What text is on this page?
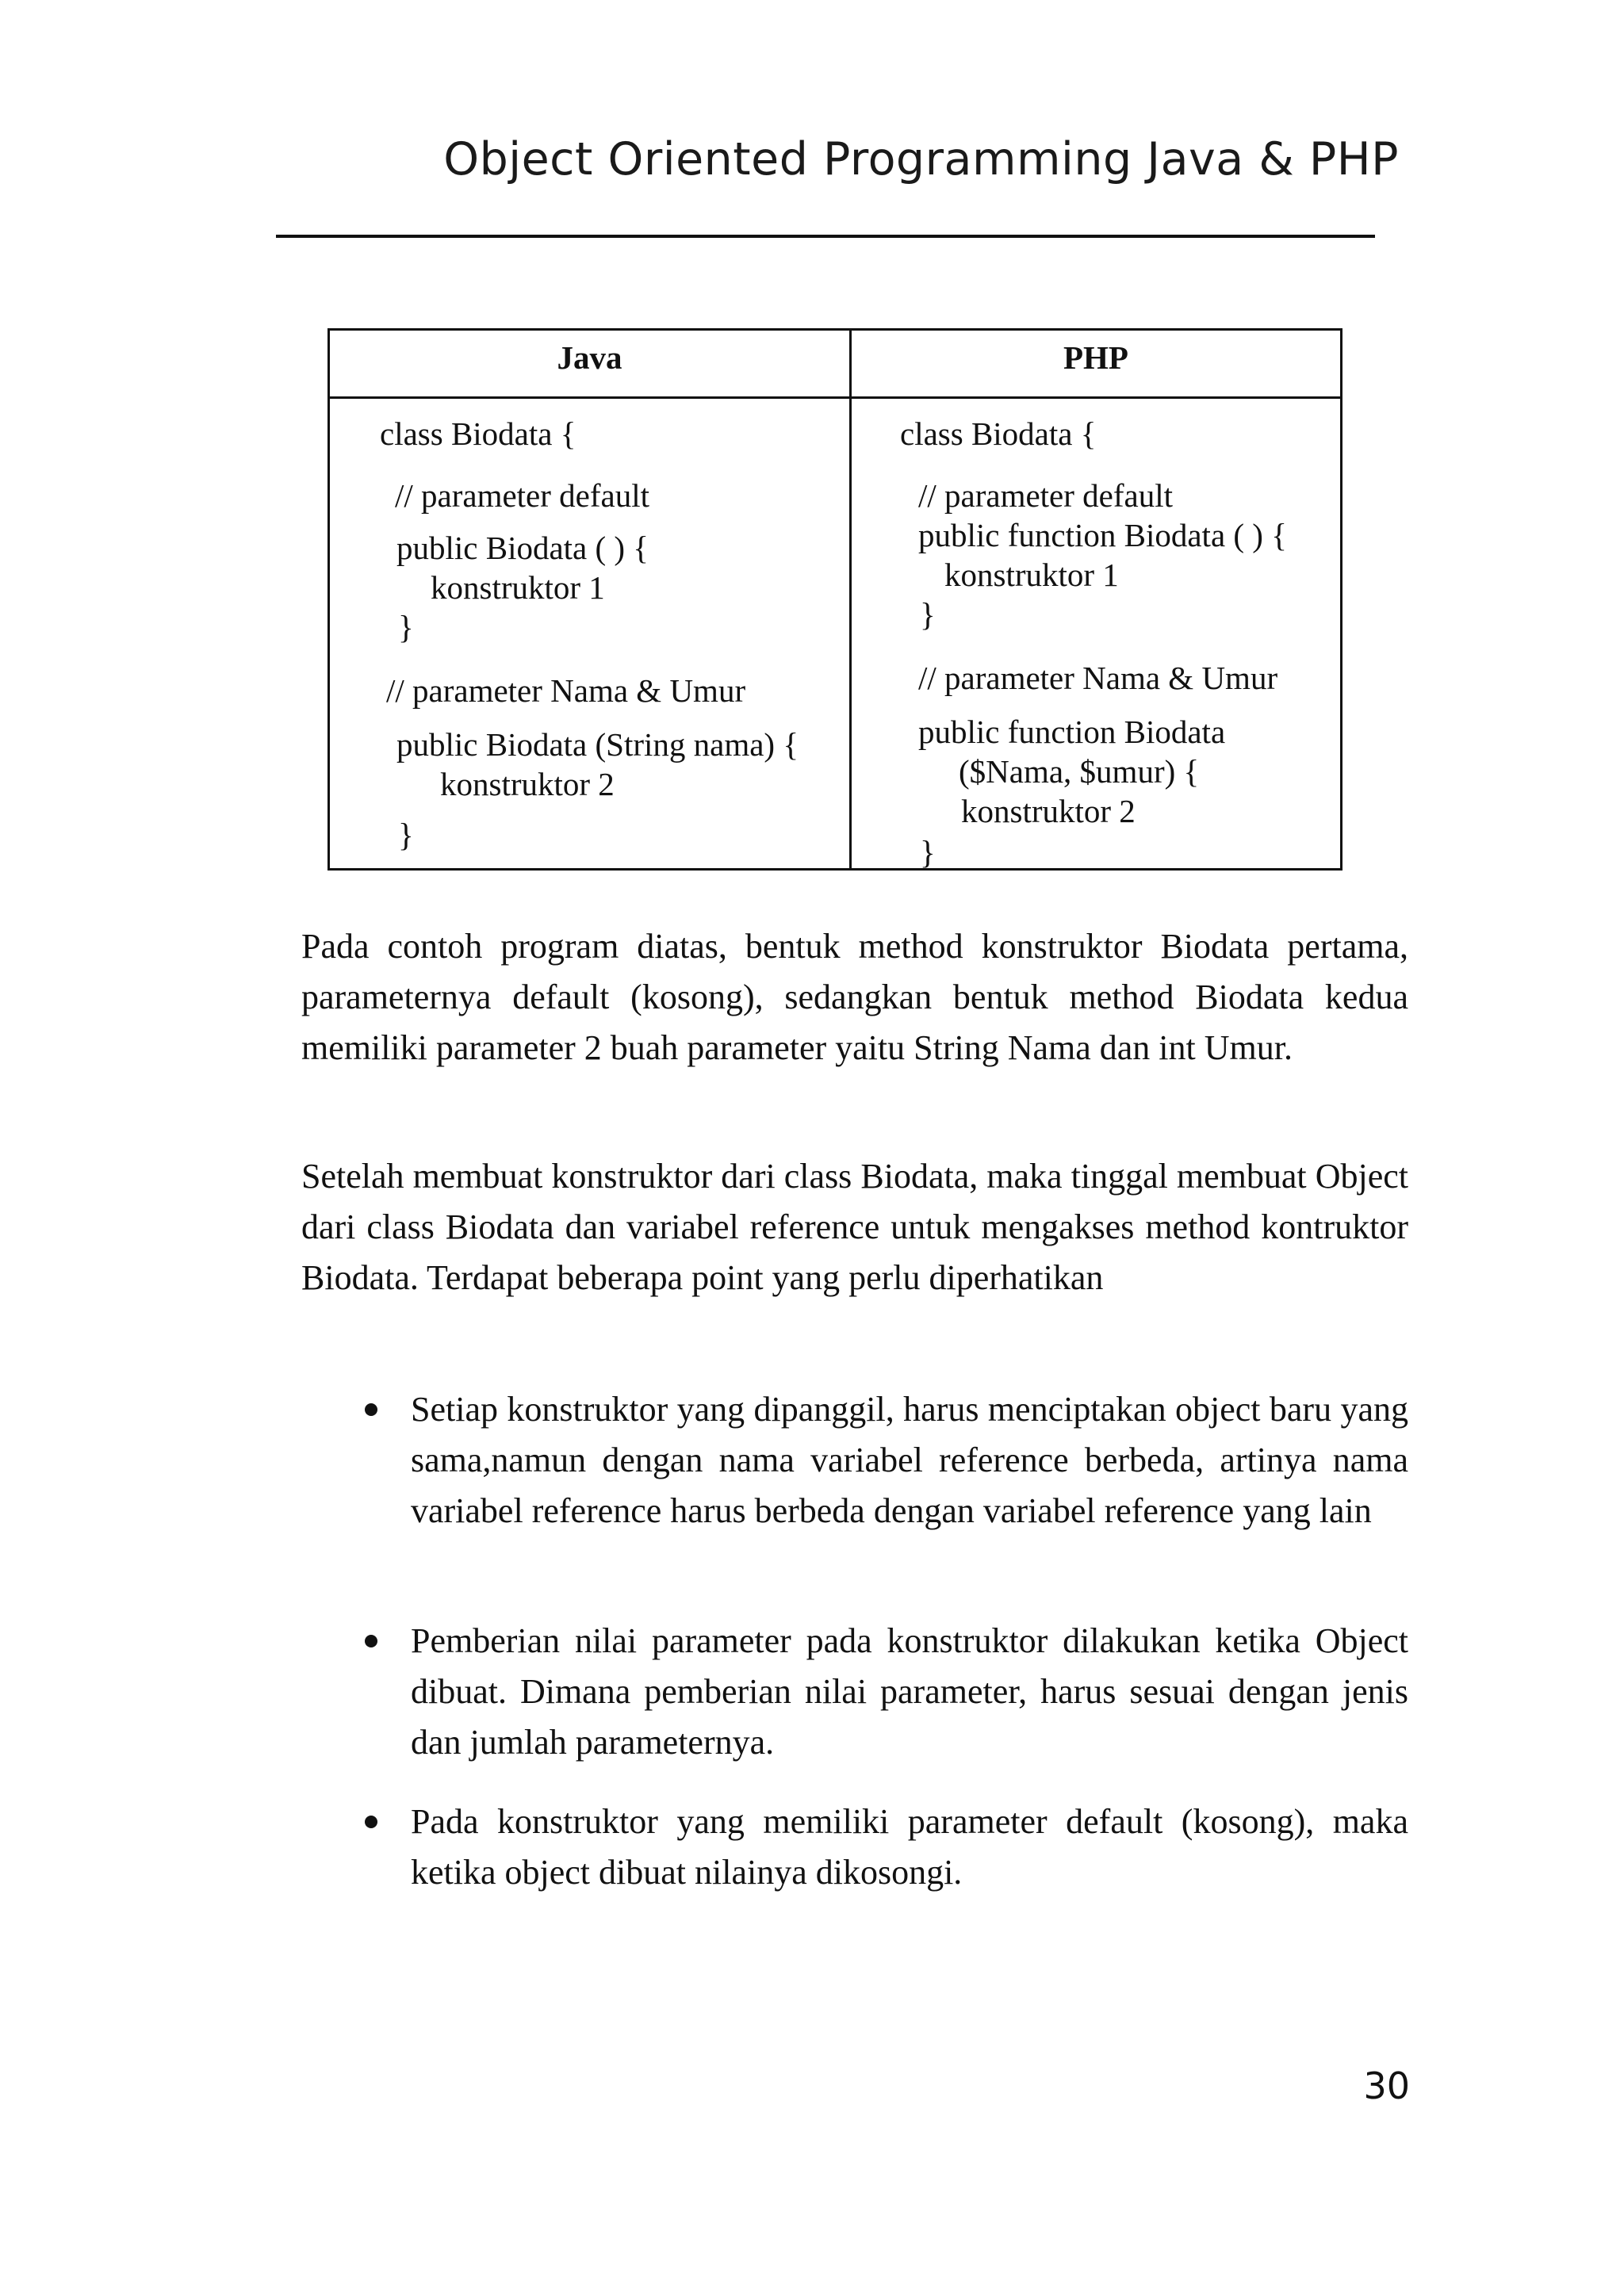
Object Oriented Programming Java & PHP
Java	PHP
class Biodata {
// parameter default
public Biodata ( ) {
konstruktor 1
}
// parameter Nama & Umur
public Biodata (String nama) {
konstruktor 2
}
class Biodata {
// parameter default
public function Biodata ( ) {
konstruktor 1
}
// parameter Nama & Umur
public function Biodata
($Nama, $umur) {
konstruktor 2
}

Pada contoh program diatas, bentuk method konstruktor Biodata pertama, parameternya default (kosong), sedangkan bentuk method Biodata kedua memiliki parameter 2 buah parameter yaitu String Nama dan int Umur.

Setelah membuat konstruktor dari class Biodata, maka tinggal membuat Object dari class Biodata dan variabel reference untuk mengakses method kontruktor Biodata. Terdapat beberapa point yang perlu diperhatikan

Setiap konstruktor yang dipanggil, harus menciptakan object baru yang sama,namun dengan nama variabel reference berbeda, artinya nama variabel reference harus berbeda dengan variabel reference yang lain

Pemberian nilai parameter pada konstruktor dilakukan ketika Object dibuat. Dimana pemberian nilai parameter, harus sesuai dengan jenis dan jumlah parameternya.

Pada konstruktor yang memiliki parameter default (kosong), maka ketika object dibuat nilainya dikosongi.

30
